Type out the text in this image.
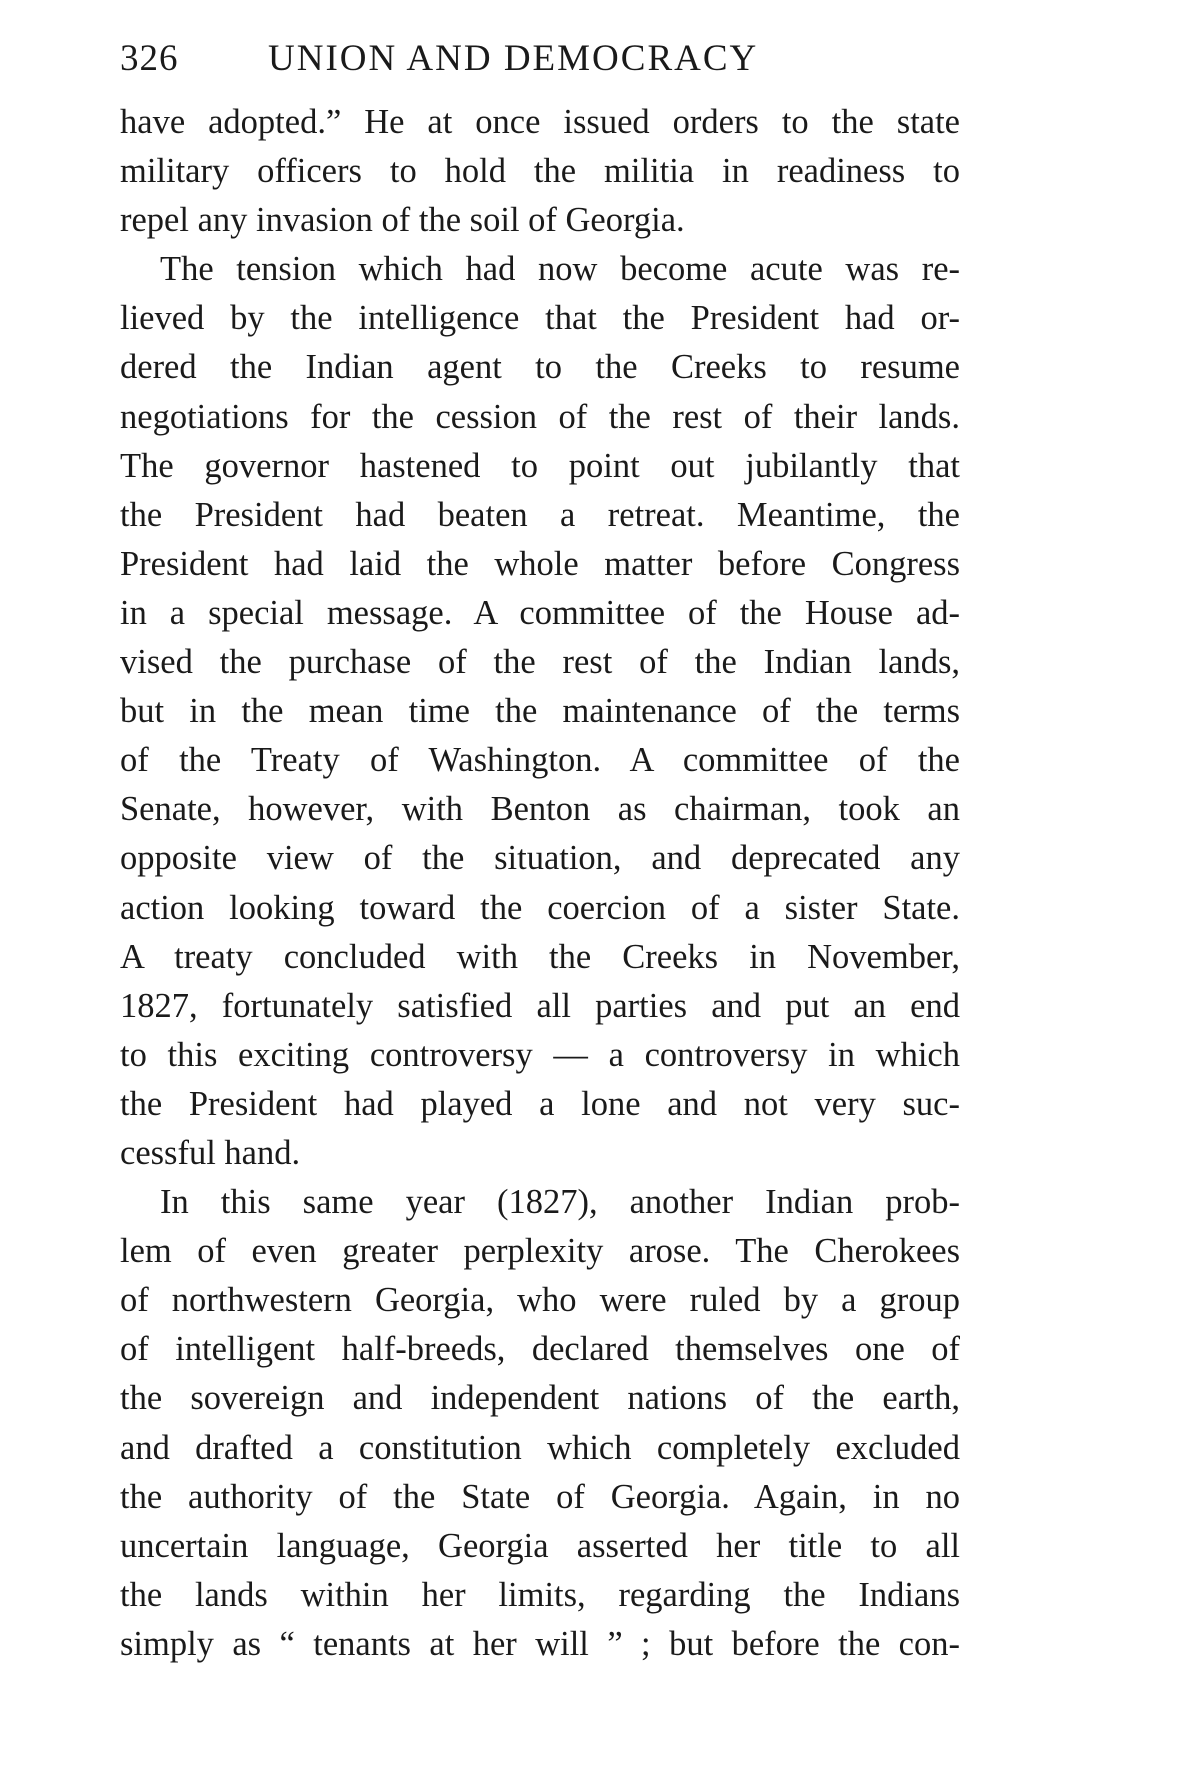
326 UNION AND DEMOCRACY
have adopted.” He at once issued orders to the state
military officers to hold the militia in readiness to
repel any invasion of the soil of Georgia.
The tension which had now become acute was re-
lieved by the intelligence that the President had or-
dered the Indian agent to the Creeks to resume
negotiations for the cession of the rest of their lands.
The governor hastened to point out jubilantly that
the President had beaten a retreat. Meantime, the
President had laid the whole matter before Congress
in a special message. A committee of the House ad-
vised the purchase of the rest of the Indian lands,
but in the mean time the maintenance of the terms
of the Treaty of Washington. A committee of the
Senate, however, with Benton as chairman, took an
opposite view of the situation, and deprecated any
action looking toward the coercion of a sister State.
A treaty concluded with the Creeks in November,
1827, fortunately satisfied all parties and put an end
to this exciting controversy — a controversy in which
the President had played a lone and not very suc-
cessful hand.
In this same year (1827), another Indian prob-
lem of even greater perplexity arose. The Cherokees
of northwestern Georgia, who were ruled by a group
of intelligent half-breeds, declared themselves one of
the sovereign and independent nations of the earth,
and drafted a constitution which completely excluded
the authority of the State of Georgia. Again, in no
uncertain language, Georgia asserted her title to all
the lands within her limits, regarding the Indians
simply as “ tenants at her will ” ; but before the con-
